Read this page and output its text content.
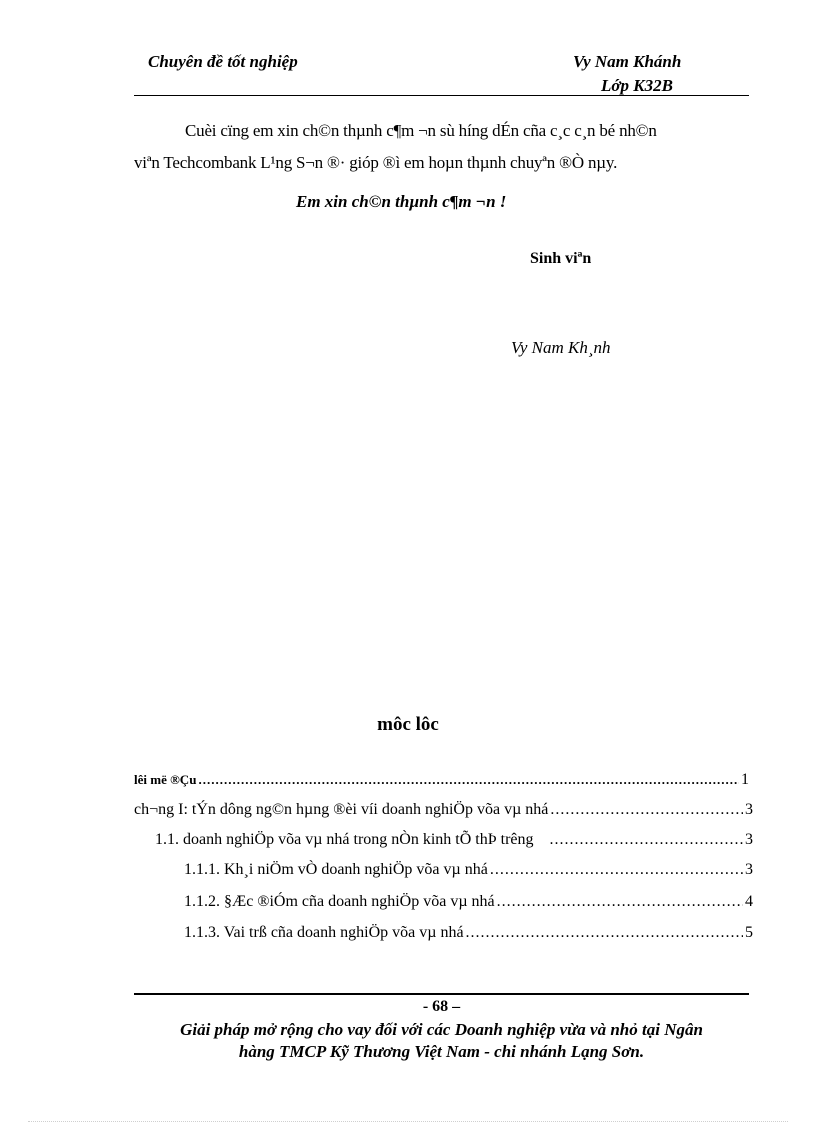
Chuyên đề tốt nghiệp	Vy Nam Khánh
Lớp K32B
Cuèi cïng em xin ch©n thµnh c¶m ¬n sù híng dÉn cña c¸c c¸n bé nh©n
viªn Techcombank L¹ng S¬n ®· gióp ®ì em hoµn thµnh chuyªn ®Ò nµy.
Em xin ch©n thµnh c¶m ¬n !
Sinh viªn
Vy Nam Kh¸nh
môc lôc
lêi më ®Çu .....	1
ch¬ng I: tÝn dông ng©n hµng ®èi víi doanh nghiÖp võa vµ nhá .....	3
1.1. doanh nghiÖp võa vµ nhá trong nÒn kinh tÕ thÞ trêng .....	3
1.1.1. Kh¸i niÖm vÒ doanh nghiÖp võa vµ nhá .....	3
1.1.2. §Æc ®iÓm cña doanh nghiÖp võa vµ nhá .....	4
1.1.3. Vai trß cña doanh nghiÖp võa vµ nhá .....	5
- 68 –
Giải pháp mở rộng cho vay đối với các Doanh nghiệp vừa và nhỏ tại Ngân
hàng TMCP Kỹ Thương Việt Nam - chi nhánh Lạng Sơn.
